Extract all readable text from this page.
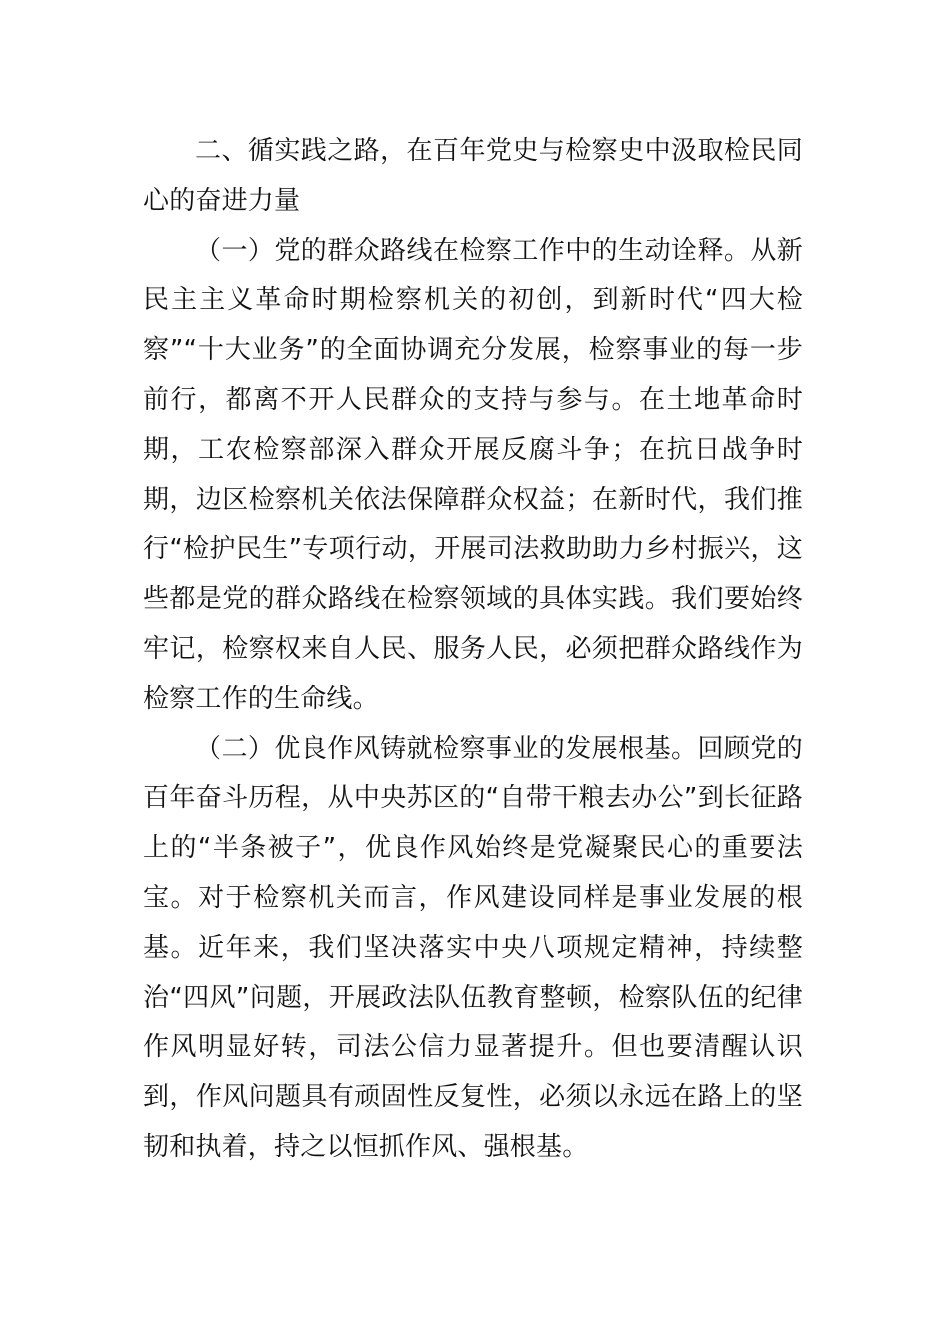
二、循实践之路，在百年党史与检察史中汲取检民同心的奋进力量

（一）党的群众路线在检察工作中的生动诠释。从新民主主义革命时期检察机关的初创，到新时代“四大检察”“十大业务”的全面协调充分发展，检察事业的每一步前行，都离不开人民群众的支持与参与。在土地革命时期，工农检察部深入群众开展反腐斗争；在抗日战争时期，边区检察机关依法保障群众权益；在新时代，我们推行“检护民生”专项行动，开展司法救助助力乡村振兴，这些都是党的群众路线在检察领域的具体实践。我们要始终牢记，检察权来自人民、服务人民，必须把群众路线作为检察工作的生命线。

（二）优良作风铸就检察事业的发展根基。回顾党的百年奋斗历程，从中央苏区的“自带干粮去办公”到长征路上的“半条被子”，优良作风始终是党凝聚民心的重要法宝。对于检察机关而言，作风建设同样是事业发展的根基。近年来，我们坚决落实中央八项规定精神，持续整治“四风”问题，开展政法队伍教育整顿，检察队伍的纪律作风明显好转，司法公信力显著提升。但也要清醒认识到，作风问题具有顽固性反复性，必须以永远在路上的坚韧和执着，持之以恒抓作风、强根基。
